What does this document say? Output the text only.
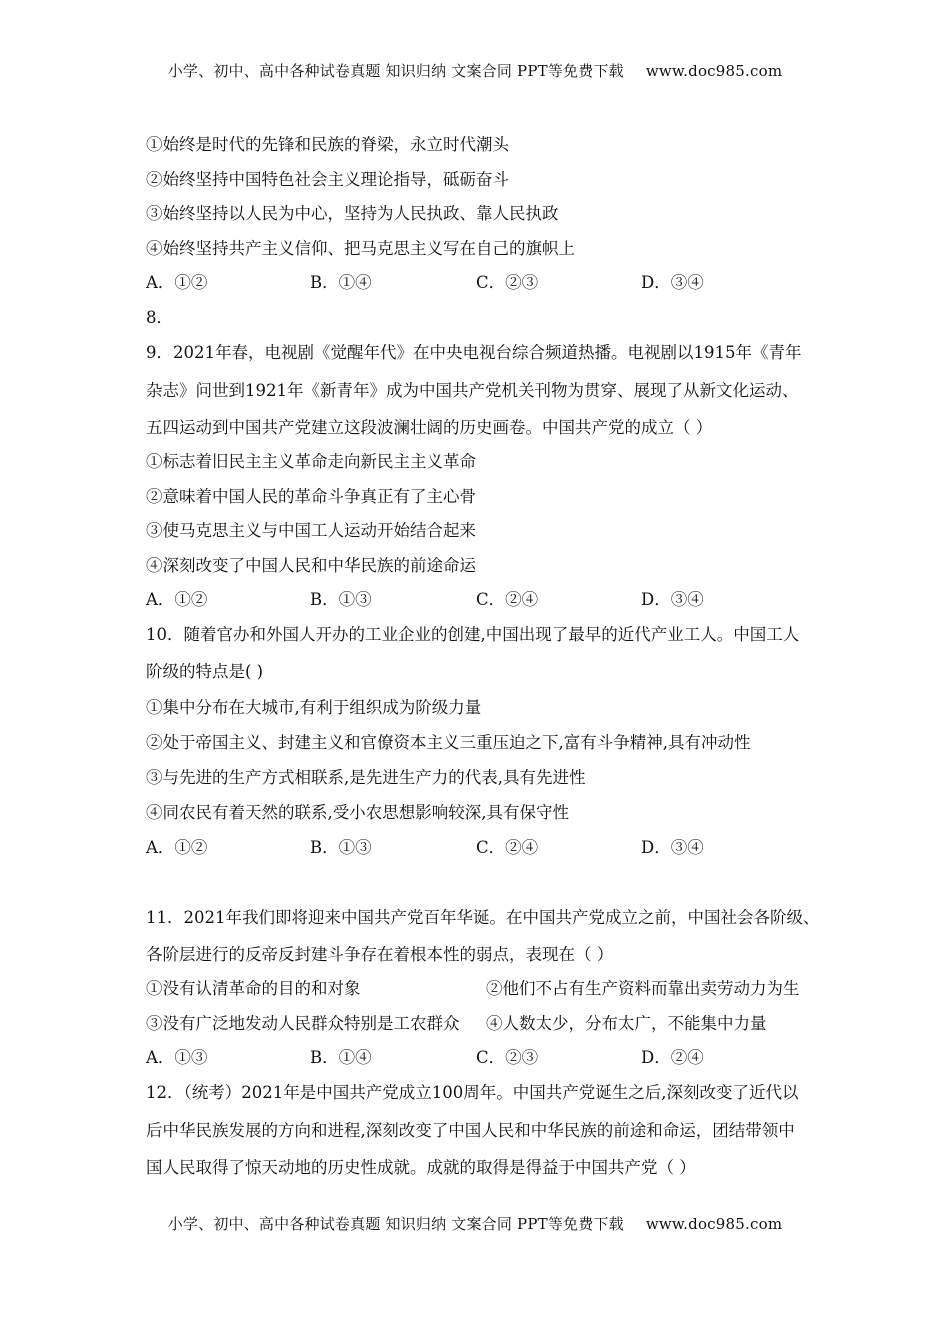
小学、初中、高中各种试卷真题 知识归纳 文案合同 PPT等免费下载 www.doc985.com
①始终是时代的先锋和民族的脊梁，永立时代潮头
②始终坚持中国特色社会主义理论指导，砥砺奋斗
③始终坚持以人民为中心，坚持为人民执政、靠人民执政
④始终坚持共产主义信仰、把马克思主义写在自己的旗帜上
A．①②	B．①④	C．②③	D．③④
8．
9．2021年春，电视剧《觉醒年代》在中央电视台综合频道热播。电视剧以1915年《青年
杂志》问世到1921年《新青年》成为中国共产党机关刊物为贯穿、展现了从新文化运动、
五四运动到中国共产党建立这段波澜壮阔的历史画卷。中国共产党的成立（ ）
①标志着旧民主主义革命走向新民主主义革命
②意味着中国人民的革命斗争真正有了主心骨
③使马克思主义与中国工人运动开始结合起来
④深刻改变了中国人民和中华民族的前途命运
A．①②	B．①③	C．②④	D．③④
10．随着官办和外国人开办的工业企业的创建,中国出现了最早的近代产业工人。中国工人
阶级的特点是( )
①集中分布在大城市,有利于组织成为阶级力量
②处于帝国主义、封建主义和官僚资本主义三重压迫之下,富有斗争精神,具有冲动性
③与先进的生产方式相联系,是先进生产力的代表,具有先进性
④同农民有着天然的联系,受小农思想影响较深,具有保守性
A．①②	B．①③	C．②④	D．③④
11．2021年我们即将迎来中国共产党百年华诞。在中国共产党成立之前，中国社会各阶级、
各阶层进行的反帝反封建斗争存在着根本性的弱点，表现在（ ）
①没有认清革命的目的和对象	②他们不占有生产资料而靠出卖劳动力为生
③没有广泛地发动人民群众特别是工农群众 ④人数太少，分布太广，不能集中力量
A．①③	B．①④	C．②③	D．②④
12．（统考）2021年是中国共产党成立100周年。中国共产党诞生之后,深刻改变了近代以
后中华民族发展的方向和进程,深刻改变了中国人民和中华民族的前途和命运，团结带领中
国人民取得了惊天动地的历史性成就。成就的取得是得益于中国共产党（ ）
小学、初中、高中各种试卷真题 知识归纳 文案合同 PPT等免费下载 www.doc985.com
